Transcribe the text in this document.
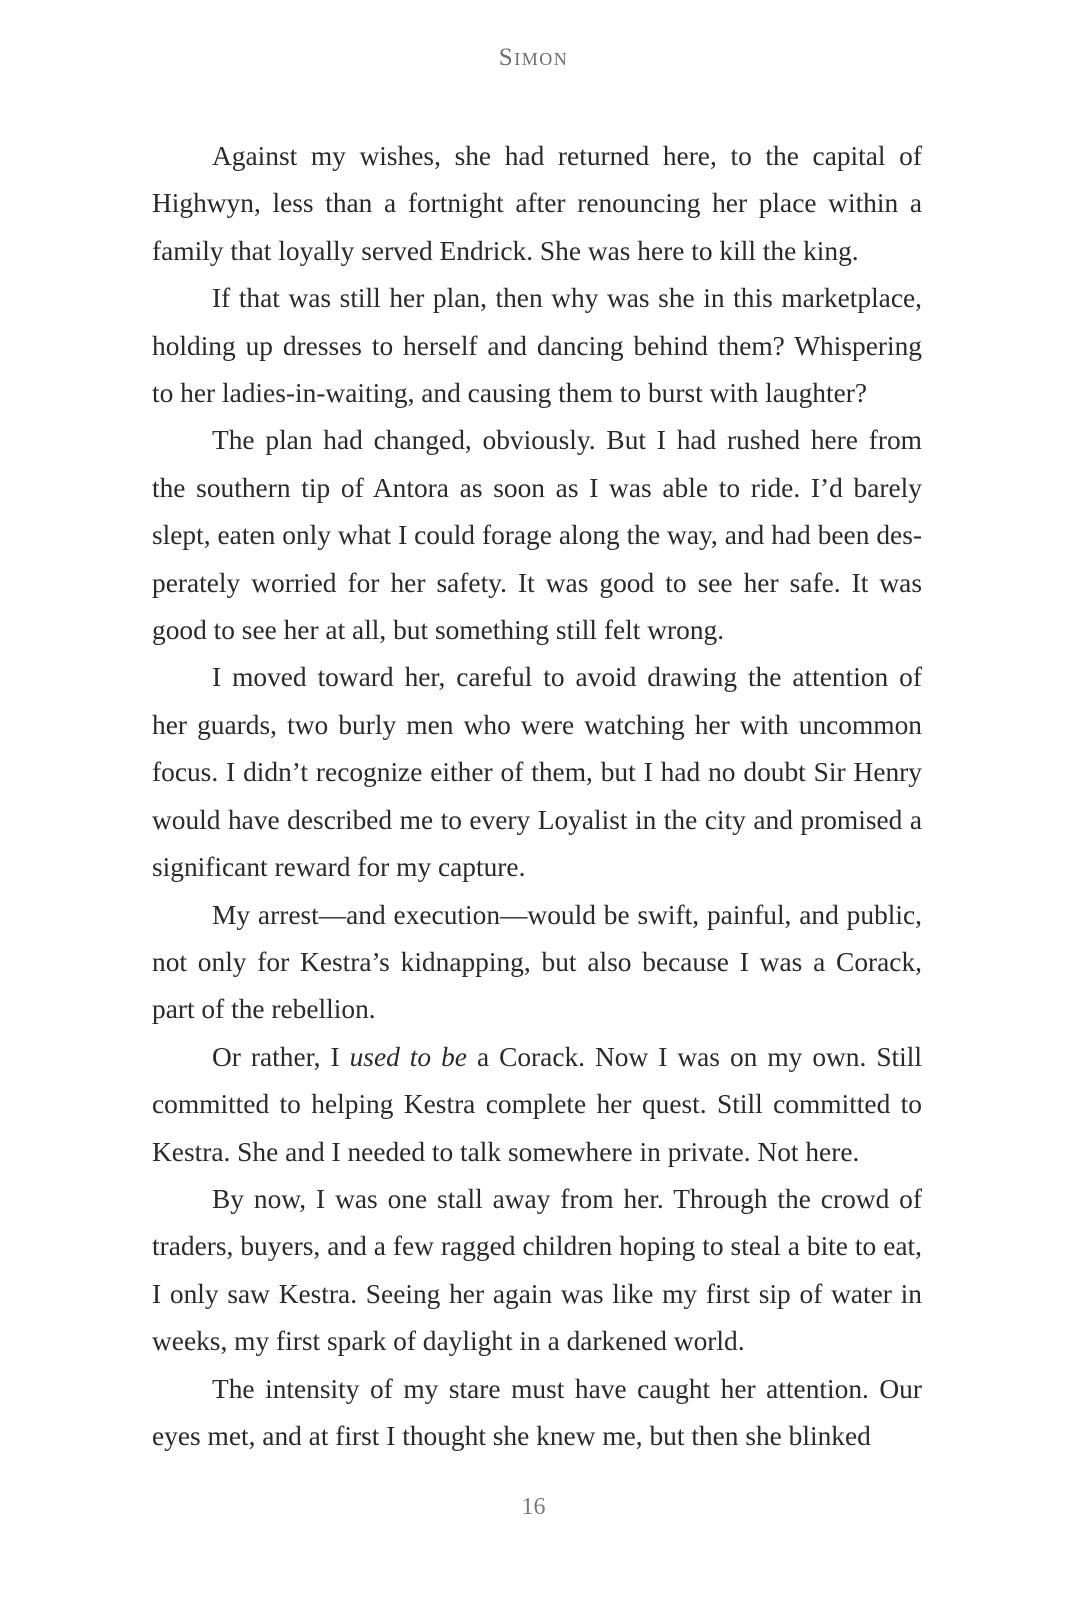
Simon

Against my wishes, she had returned here, to the capital of Highwyn, less than a fortnight after renouncing her place within a family that loyally served Endrick. She was here to kill the king.

If that was still her plan, then why was she in this marketplace, holding up dresses to herself and dancing behind them? Whispering to her ladies-in-waiting, and causing them to burst with laughter?

The plan had changed, obviously. But I had rushed here from the southern tip of Antora as soon as I was able to ride. I’d barely slept, eaten only what I could forage along the way, and had been desperately worried for her safety. It was good to see her safe. It was good to see her at all, but something still felt wrong.

I moved toward her, careful to avoid drawing the attention of her guards, two burly men who were watching her with uncommon focus. I didn’t recognize either of them, but I had no doubt Sir Henry would have described me to every Loyalist in the city and promised a significant reward for my capture.

My arrest—and execution—would be swift, painful, and public, not only for Kestra’s kidnapping, but also because I was a Corack, part of the rebellion.

Or rather, I used to be a Corack. Now I was on my own. Still committed to helping Kestra complete her quest. Still committed to Kestra. She and I needed to talk somewhere in private. Not here.

By now, I was one stall away from her. Through the crowd of traders, buyers, and a few ragged children hoping to steal a bite to eat, I only saw Kestra. Seeing her again was like my first sip of water in weeks, my first spark of daylight in a darkened world.

The intensity of my stare must have caught her attention. Our eyes met, and at first I thought she knew me, but then she blinked

16
